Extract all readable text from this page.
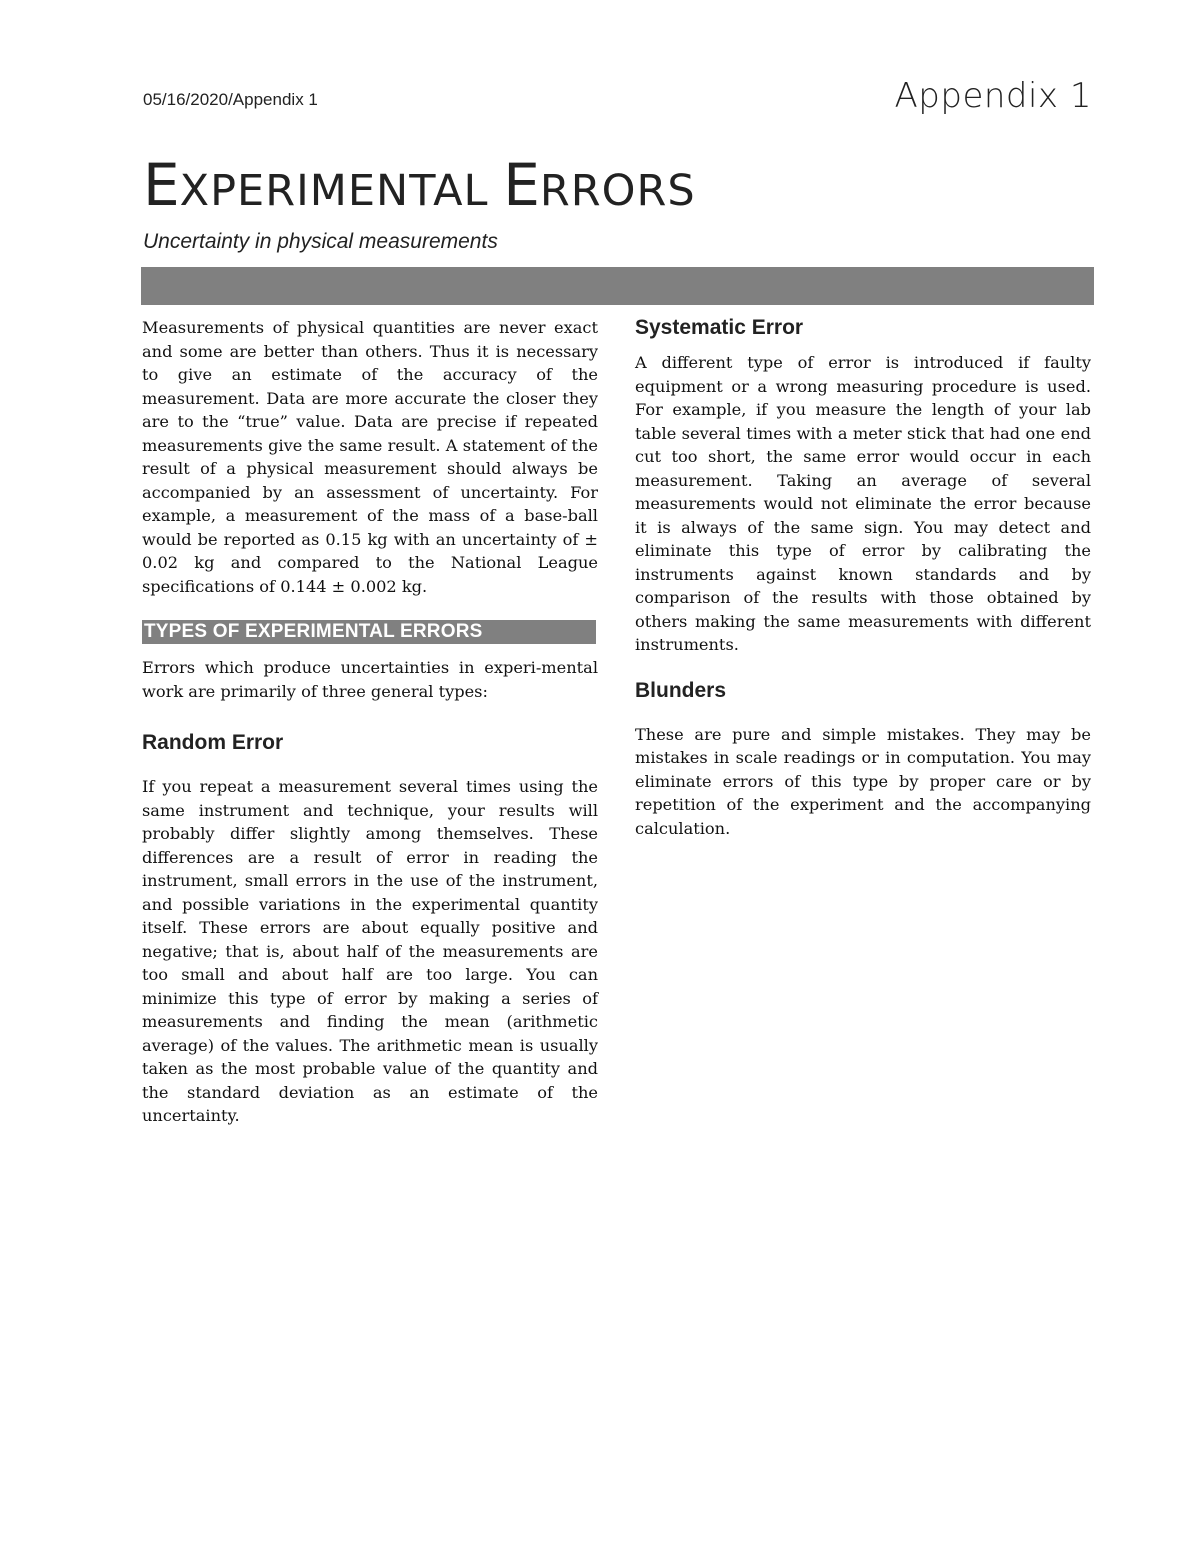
05/16/2020/Appendix 1	Appendix 1
EXPERIMENTAL ERRORS
Uncertainty in physical measurements

Measurements of physical quantities are never exact and some are better than others. Thus it is necessary to give an estimate of the accuracy of the measurement. Data are more accurate the closer they are to the “true” value. Data are precise if repeated measurements give the same result. A statement of the result of a physical measurement should always be accompanied by an assessment of uncertainty. For example, a measurement of the mass of a base-ball would be reported as 0.15 kg with an uncertainty of ± 0.02 kg and compared to the National League specifications of 0.144 ± 0.002 kg.

TYPES OF EXPERIMENTAL ERRORS

Errors which produce uncertainties in experi-mental work are primarily of three general types:

Random Error

If you repeat a measurement several times using the same instrument and technique, your results will probably differ slightly among themselves. These differences are a result of error in reading the instrument, small errors in the use of the instrument, and possible variations in the experimental quantity itself. These errors are about equally positive and negative; that is, about half of the measurements are too small and about half are too large. You can minimize this type of error by making a series of measurements and finding the mean (arithmetic average) of the values. The arithmetic mean is usually taken as the most probable value of the quantity and the standard deviation as an estimate of the uncertainty.

Systematic Error

A different type of error is introduced if faulty equipment or a wrong measuring procedure is used. For example, if you measure the length of your lab table several times with a meter stick that had one end cut too short, the same error would occur in each measurement. Taking an average of several measurements would not eliminate the error because it is always of the same sign. You may detect and eliminate this type of error by calibrating the instruments against known standards and by comparison of the results with those obtained by others making the same measurements with different instruments.

Blunders

These are pure and simple mistakes. They may be mistakes in scale readings or in computation. You may eliminate errors of this type by proper care or by repetition of the experiment and the accompanying calculation.
